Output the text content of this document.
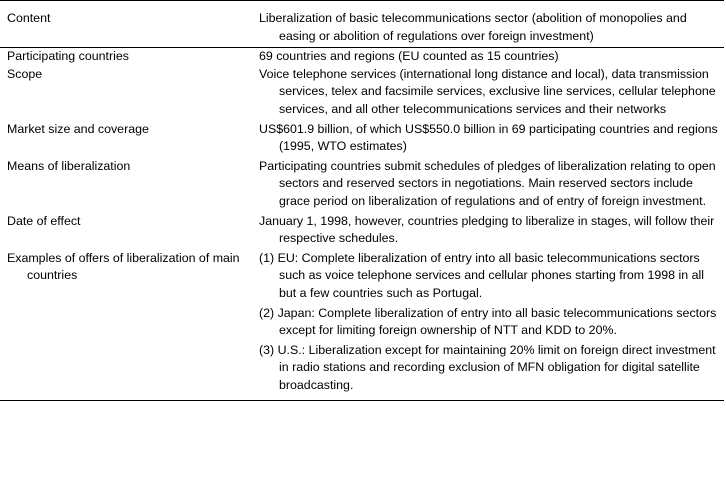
Content	Liberalization of basic telecommunications sector (abolition of monopolies and easing or abolition of regulations over foreign investment)

Participating countries	69 countries and regions (EU counted as 15 countries)

Scope	Voice telephone services (international long distance and local), data transmission services, telex and facsimile services, exclusive line services, cellular telephone services, and all other telecommunications services and their networks

Market size and coverage	US$601.9 billion, of which US$550.0 billion in 69 participating countries and regions (1995, WTO estimates)

Means of liberalization	Participating countries submit schedules of pledges of liberalization relating to open sectors and reserved sectors in negotiations. Main reserved sectors include grace period on liberalization of regulations and of entry of foreign investment.

Date of effect	January 1, 1998, however, countries pledging to liberalize in stages, will follow their respective schedules.

Examples of offers of liberalization of main countries	(1) EU: Complete liberalization of entry into all basic telecommunications sectors such as voice telephone services and cellular phones starting from 1998 in all but a few countries such as Portugal.
(2) Japan: Complete liberalization of entry into all basic telecommunications sectors except for limiting foreign ownership of NTT and KDD to 20%.
(3) U.S.: Liberalization except for maintaining 20% limit on foreign direct investment in radio stations and recording exclusion of MFN obligation for digital satellite broadcasting.
